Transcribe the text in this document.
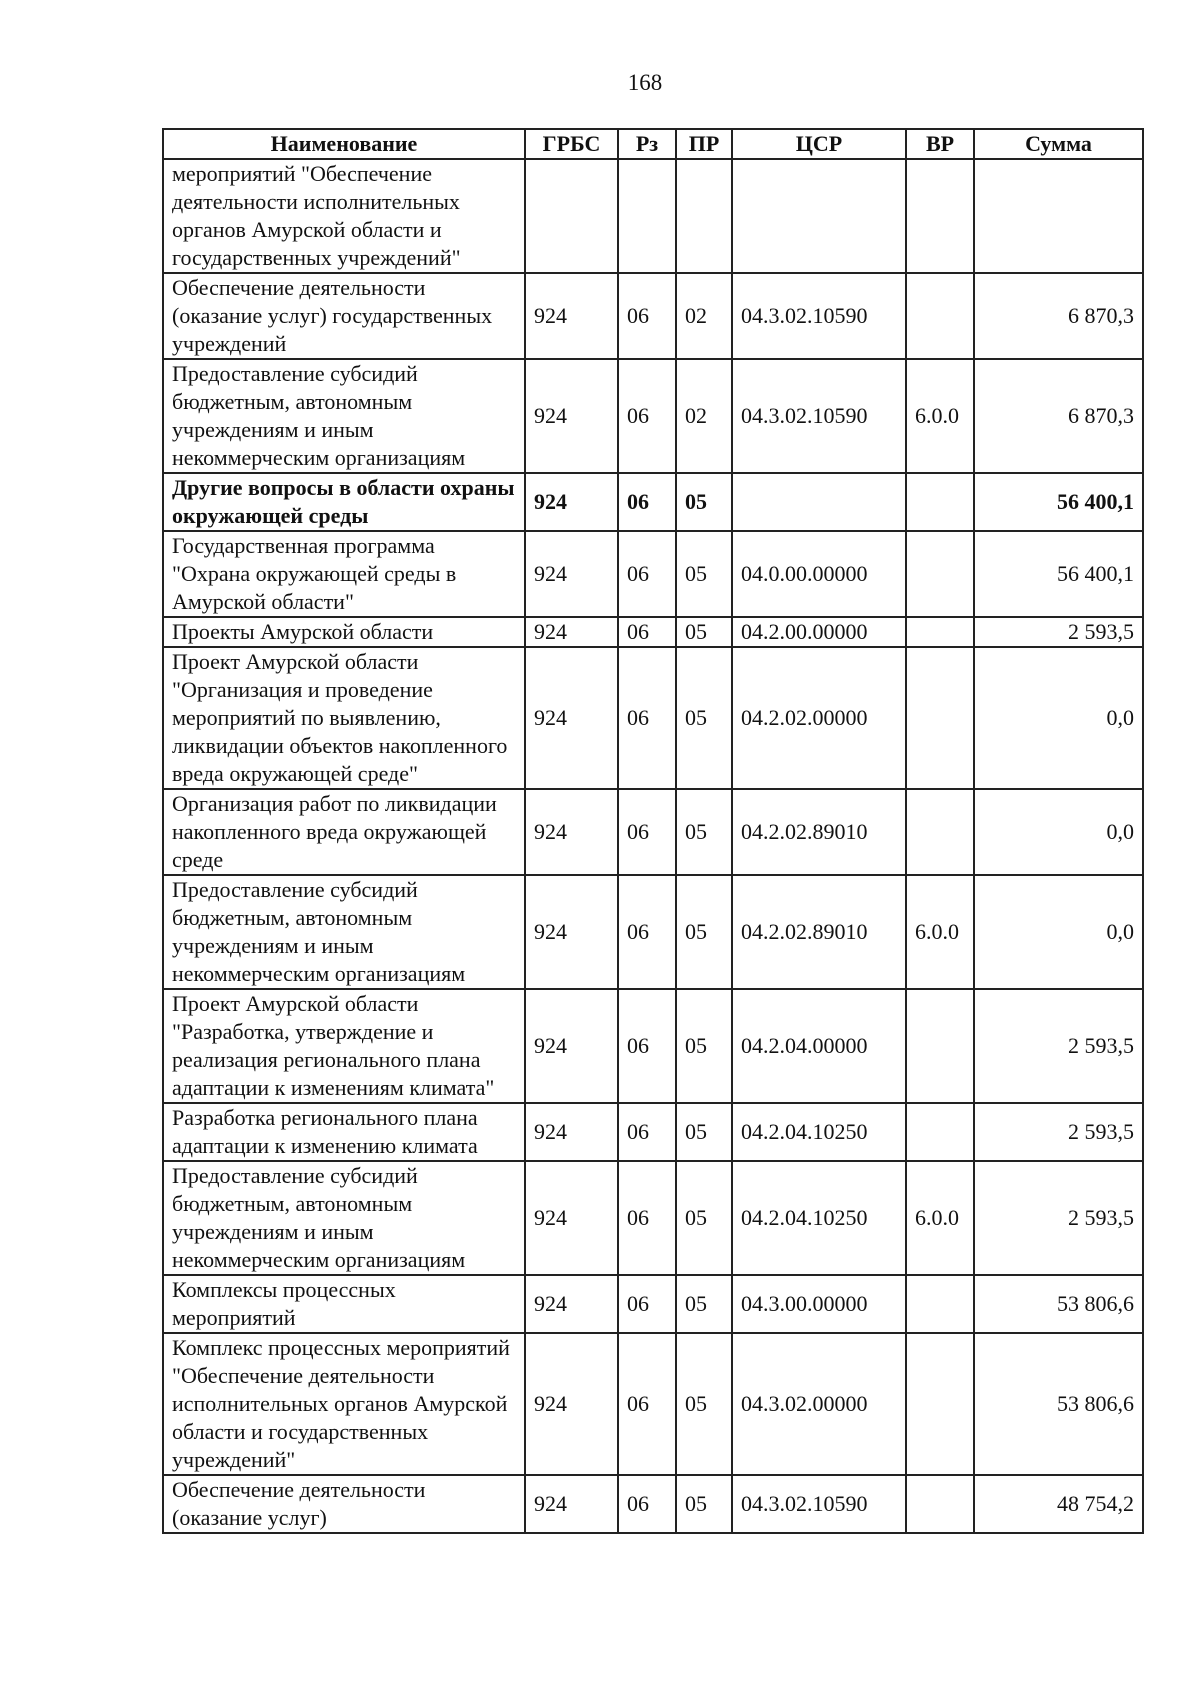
168
Наименование	ГРБС	Рз	ПР	ЦСР	ВР	Сумма
мероприятий "Обеспечение деятельности исполнительных органов Амурской области и государственных учреждений"						
Обеспечение деятельности (оказание услуг) государственных учреждений	924	06	02	04.3.02.10590		6 870,3
Предоставление субсидий бюджетным, автономным учреждениям и иным некоммерческим организациям	924	06	02	04.3.02.10590	6.0.0	6 870,3
Другие вопросы в области охраны окружающей среды	924	06	05			56 400,1
Государственная программа "Охрана окружающей среды в Амурской области"	924	06	05	04.0.00.00000		56 400,1
Проекты Амурской области	924	06	05	04.2.00.00000		2 593,5
Проект Амурской области "Организация и проведение мероприятий по выявлению, ликвидации объектов накопленного вреда окружающей среде"	924	06	05	04.2.02.00000		0,0
Организация работ по ликвидации накопленного вреда окружающей среде	924	06	05	04.2.02.89010		0,0
Предоставление субсидий бюджетным, автономным учреждениям и иным некоммерческим организациям	924	06	05	04.2.02.89010	6.0.0	0,0
Проект Амурской области "Разработка, утверждение и реализация регионального плана адаптации к изменениям климата"	924	06	05	04.2.04.00000		2 593,5
Разработка регионального плана адаптации к изменению климата	924	06	05	04.2.04.10250		2 593,5
Предоставление субсидий бюджетным, автономным учреждениям и иным некоммерческим организациям	924	06	05	04.2.04.10250	6.0.0	2 593,5
Комплексы процессных мероприятий	924	06	05	04.3.00.00000		53 806,6
Комплекс процессных мероприятий "Обеспечение деятельности исполнительных органов Амурской области и государственных учреждений"	924	06	05	04.3.02.00000		53 806,6
Обеспечение деятельности (оказание услуг)	924	06	05	04.3.02.10590		48 754,2
